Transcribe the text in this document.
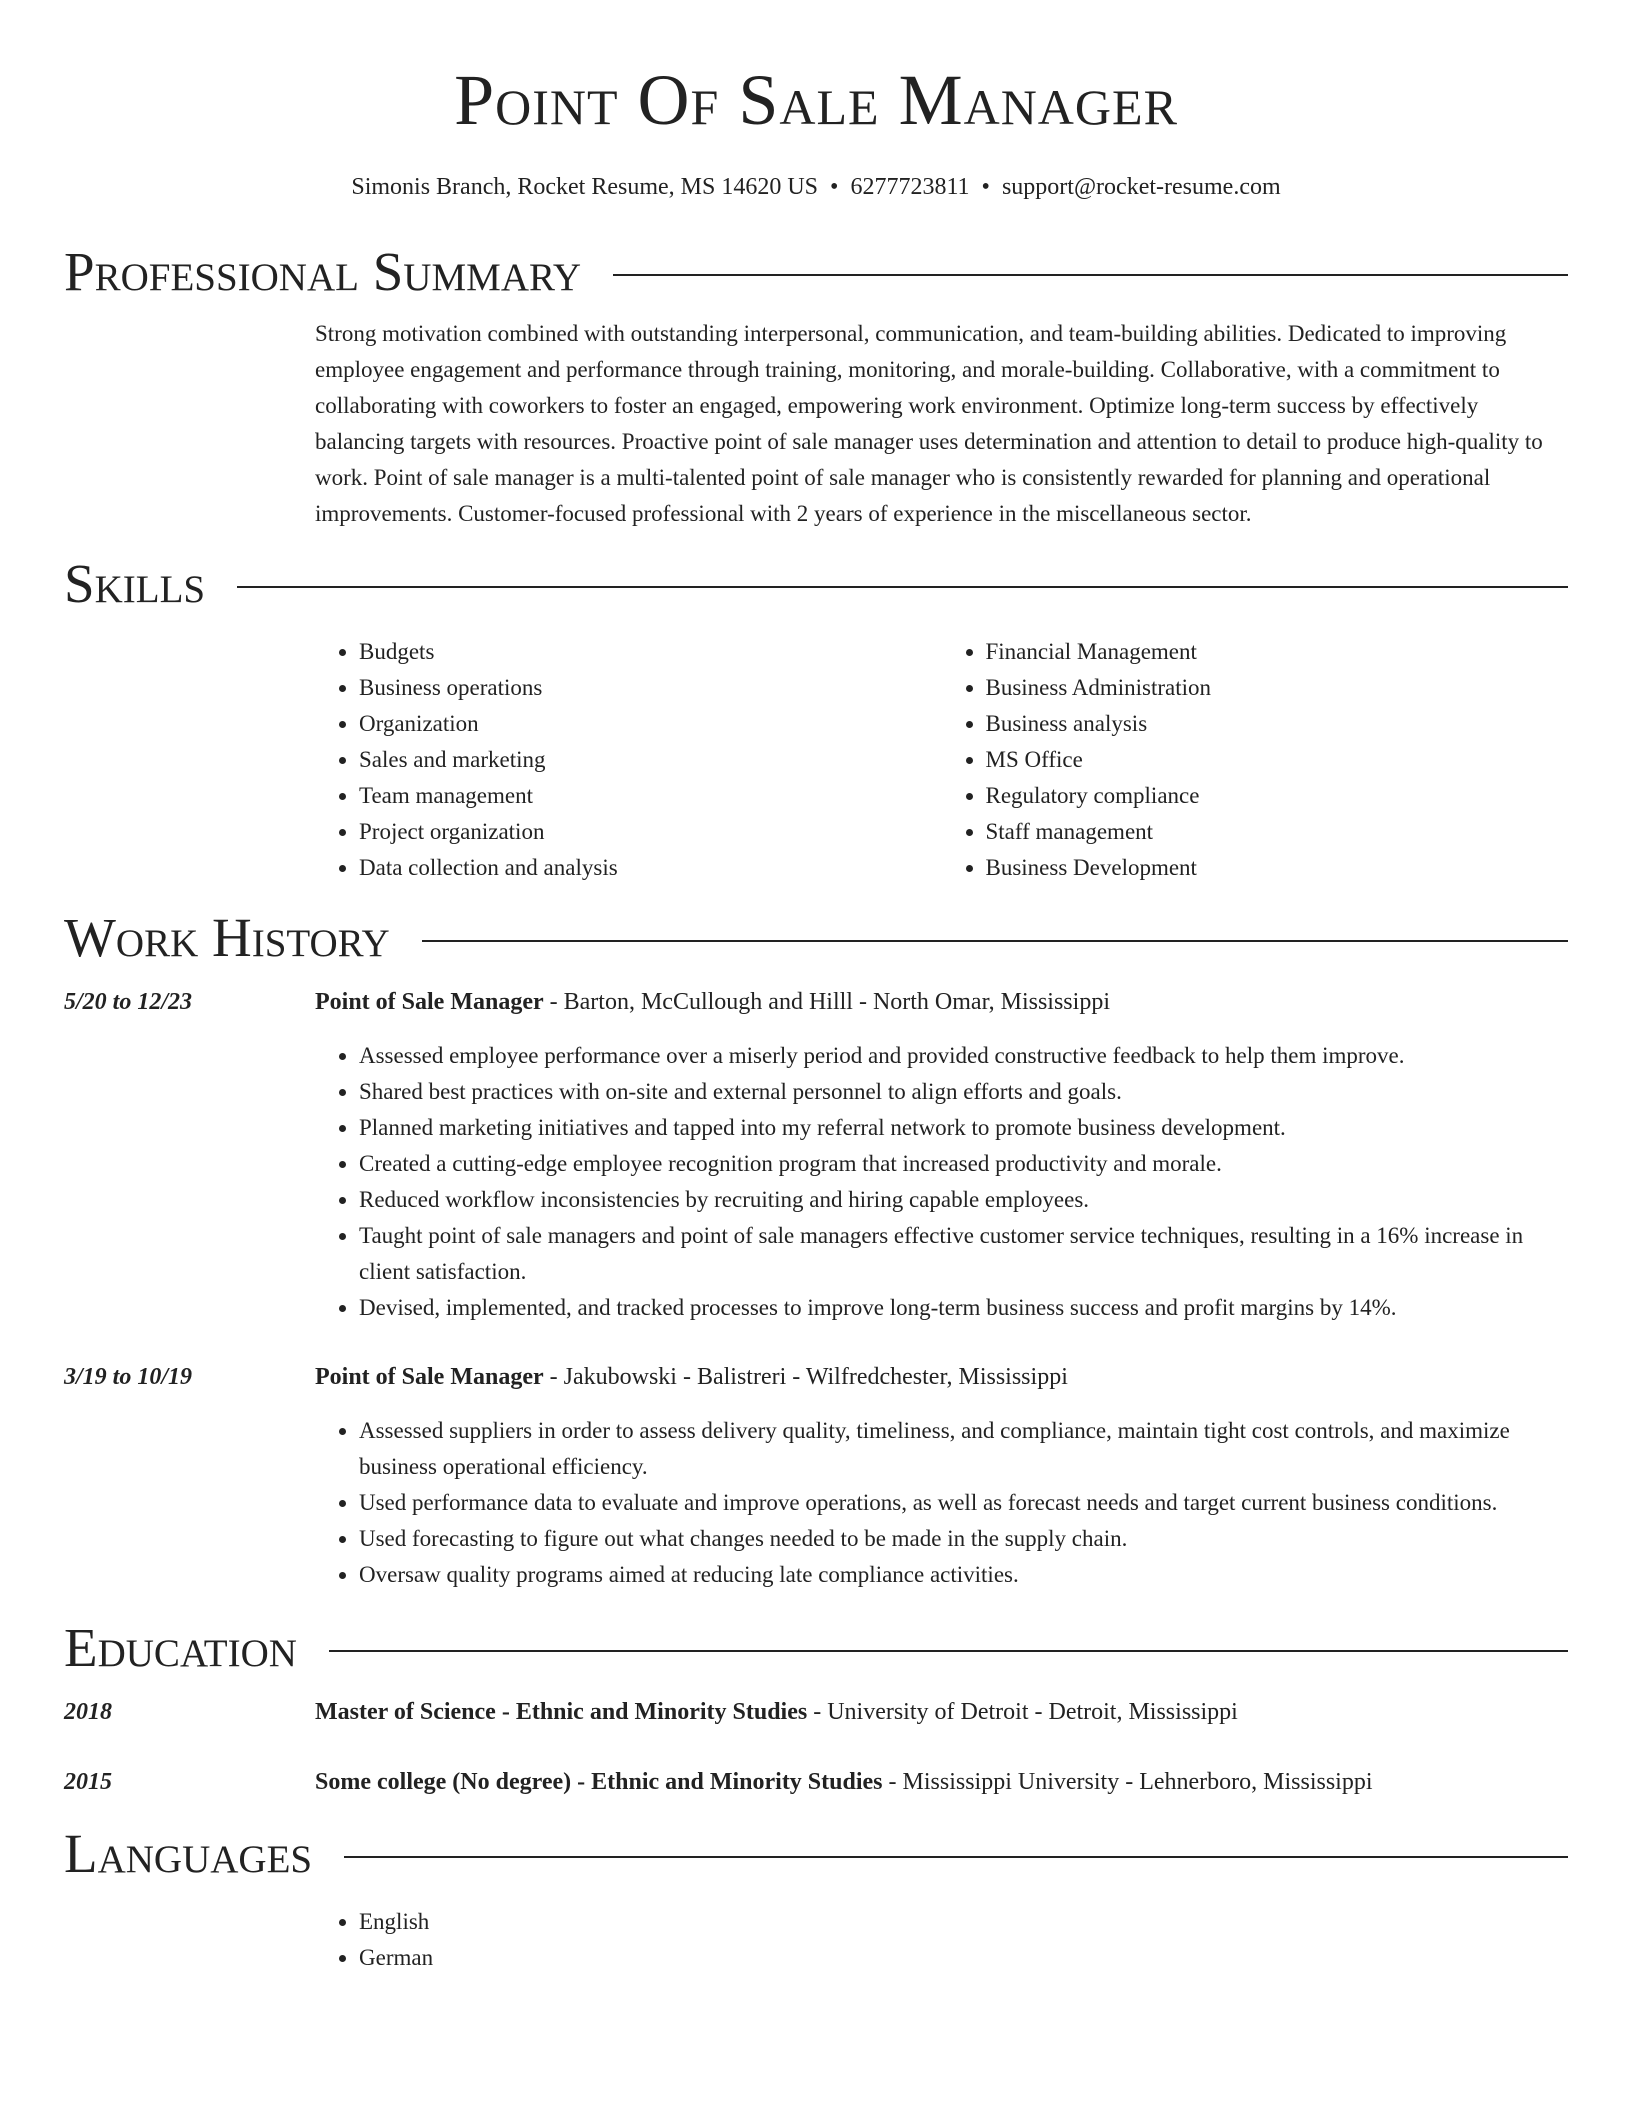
Point Of Sale Manager
Simonis Branch, Rocket Resume, MS 14620 US • 6277723811 • support@rocket-resume.com
Professional Summary

Strong motivation combined with outstanding interpersonal, communication, and team-building abilities. Dedicated to improving employee engagement and performance through training, monitoring, and morale-building. Collaborative, with a commitment to collaborating with coworkers to foster an engaged, empowering work environment. Optimize long-term success by effectively balancing targets with resources. Proactive point of sale manager uses determination and attention to detail to produce high-quality to work. Point of sale manager is a multi-talented point of sale manager who is consistently rewarded for planning and operational improvements. Customer-focused professional with 2 years of experience in the miscellaneous sector.

Skills
• Budgets
• Business operations
• Organization
• Sales and marketing
• Team management
• Project organization
• Data collection and analysis
• Financial Management
• Business Administration
• Business analysis
• MS Office
• Regulatory compliance
• Staff management
• Business Development
Work History
5/20 to 12/23	Point of Sale Manager - Barton, McCullough and Hilll - North Omar, Mississippi
• Assessed employee performance over a miserly period and provided constructive feedback to help them improve.
• Shared best practices with on-site and external personnel to align efforts and goals.
• Planned marketing initiatives and tapped into my referral network to promote business development.
• Created a cutting-edge employee recognition program that increased productivity and morale.
• Reduced workflow inconsistencies by recruiting and hiring capable employees.
• Taught point of sale managers and point of sale managers effective customer service techniques, resulting in a 16% increase in client satisfaction.
• Devised, implemented, and tracked processes to improve long-term business success and profit margins by 14%.
3/19 to 10/19	Point of Sale Manager - Jakubowski - Balistreri - Wilfredchester, Mississippi
• Assessed suppliers in order to assess delivery quality, timeliness, and compliance, maintain tight cost controls, and maximize business operational efficiency.
• Used performance data to evaluate and improve operations, as well as forecast needs and target current business conditions.
• Used forecasting to figure out what changes needed to be made in the supply chain.
• Oversaw quality programs aimed at reducing late compliance activities.
Education
2018	Master of Science - Ethnic and Minority Studies - University of Detroit - Detroit, Mississippi
2015	Some college (No degree) - Ethnic and Minority Studies - Mississippi University - Lehnerboro, Mississippi
Languages
• English
• German
